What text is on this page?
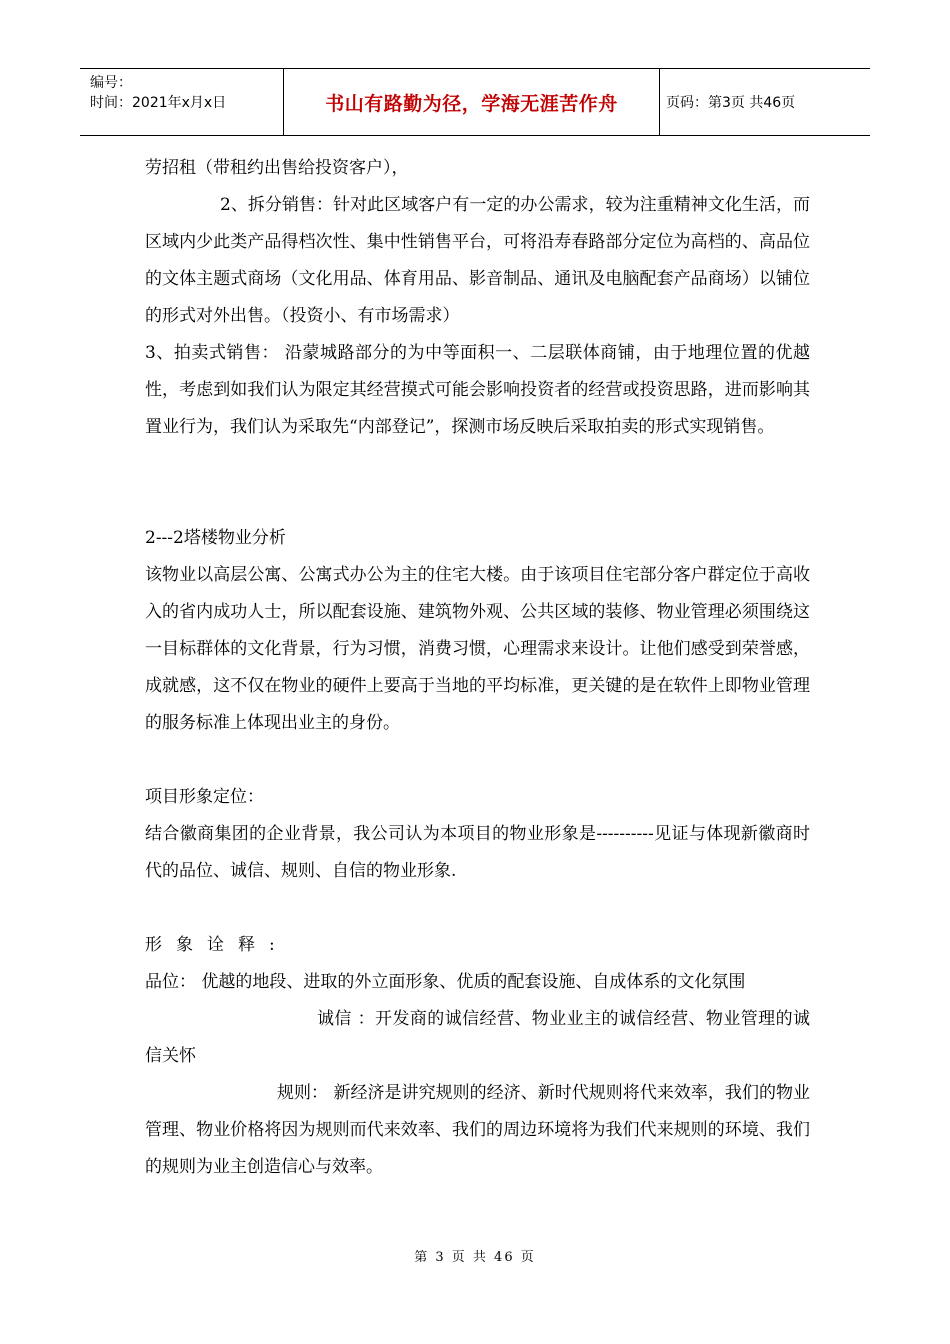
编号：
时间：2021年x月x日	书山有路勤为径，学海无涯苦作舟	页码：第3页 共46页

劳招租（带租约出售给投资客户），

2、拆分销售：针对此区域客户有一定的办公需求，较为注重精神文化生活，而区域内少此类产品得档次性、集中性销售平台，可将沿寿春路部分定位为高档的、高品位的文体主题式商场（文化用品、体育用品、影音制品、通讯及电脑配套产品商场）以铺位的形式对外出售。（投资小、有市场需求）

3、拍卖式销售： 沿蒙城路部分的为中等面积一、二层联体商铺，由于地理位置的优越性，考虑到如我们认为限定其经营摸式可能会影响投资者的经营或投资思路，进而影响其置业行为，我们认为采取先“内部登记”，探测市场反映后采取拍卖的形式实现销售。

2---2塔楼物业分析

该物业以高层公寓、公寓式办公为主的住宅大楼。由于该项目住宅部分客户群定位于高收入的省内成功人士，所以配套设施、建筑物外观、公共区域的装修、物业管理必须围绕这一目标群体的文化背景，行为习惯，消费习惯，心理需求来设计。让他们感受到荣誉感，成就感，这不仅在物业的硬件上要高于当地的平均标准，更关键的是在软件上即物业管理的服务标准上体现出业主的身份。

项目形象定位：

结合徽商集团的企业背景，我公司认为本项目的物业形象是----------见证与体现新徽商时代的品位、诚信、规则、自信的物业形象.

形象诠释:

品位： 优越的地段、进取的外立面形象、优质的配套设施、自成体系的文化氛围

诚信 ：开发商的诚信经营、物业业主的诚信经营、物业管理的诚信关怀

规则： 新经济是讲究规则的经济、新时代规则将代来效率，我们的物业管理、物业价格将因为规则而代来效率、我们的周边环境将为我们代来规则的环境、我们的规则为业主创造信心与效率。

第 3 页 共 46 页
